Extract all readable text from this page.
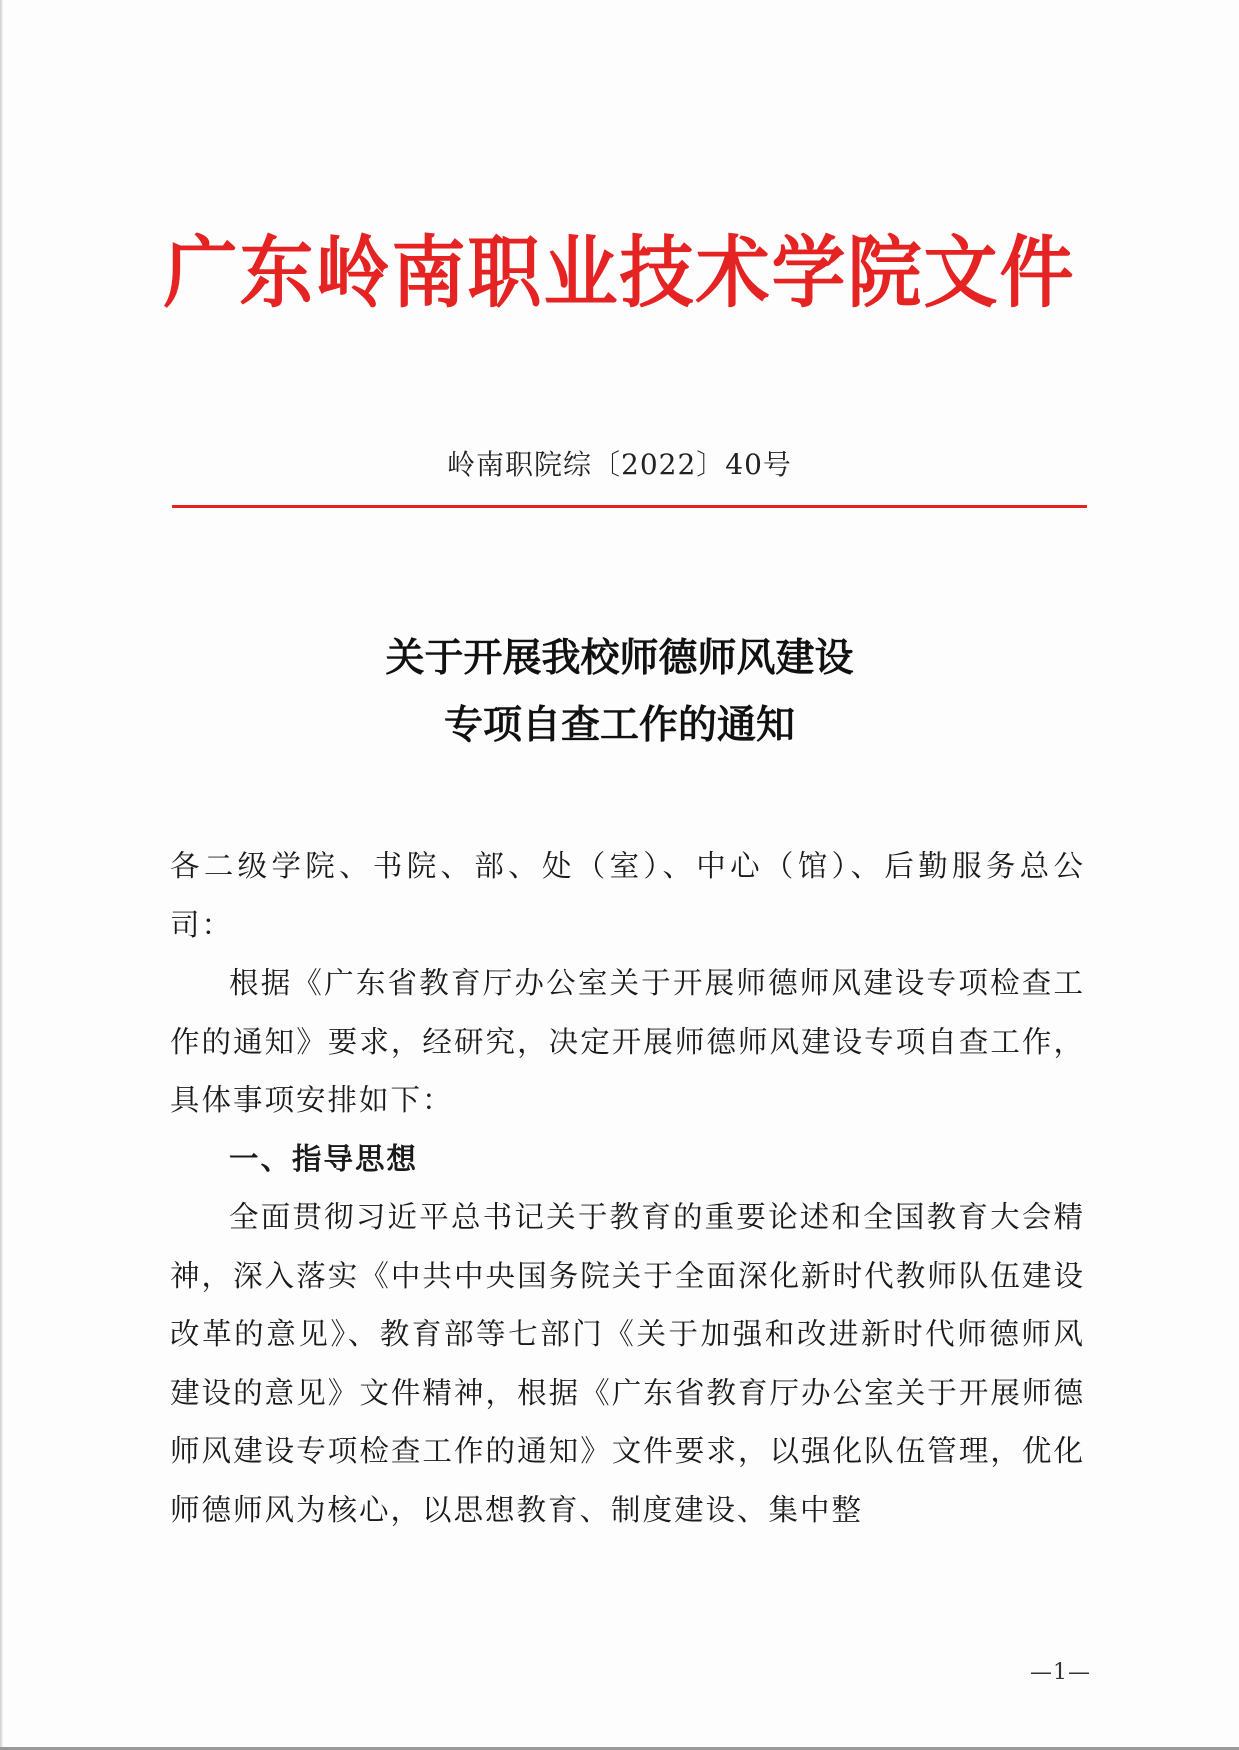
广东岭南职业技术学院文件
岭南职院综〔2022〕40号
关于开展我校师德师风建设
专项自查工作的通知

各二级学院、书院、部、处（室）、中心（馆）、后勤服务总公司：

根据《广东省教育厅办公室关于开展师德师风建设专项检查工作的通知》要求，经研究，决定开展师德师风建设专项自查工作，具体事项安排如下：

一、指导思想

全面贯彻习近平总书记关于教育的重要论述和全国教育大会精神，深入落实《中共中央国务院关于全面深化新时代教师队伍建设改革的意见》、教育部等七部门《关于加强和改进新时代师德师风建设的意见》文件精神，根据《广东省教育厅办公室关于开展师德师风建设专项检查工作的通知》文件要求，以强化队伍管理，优化师德师风为核心，以思想教育、制度建设、集中整

—1—
